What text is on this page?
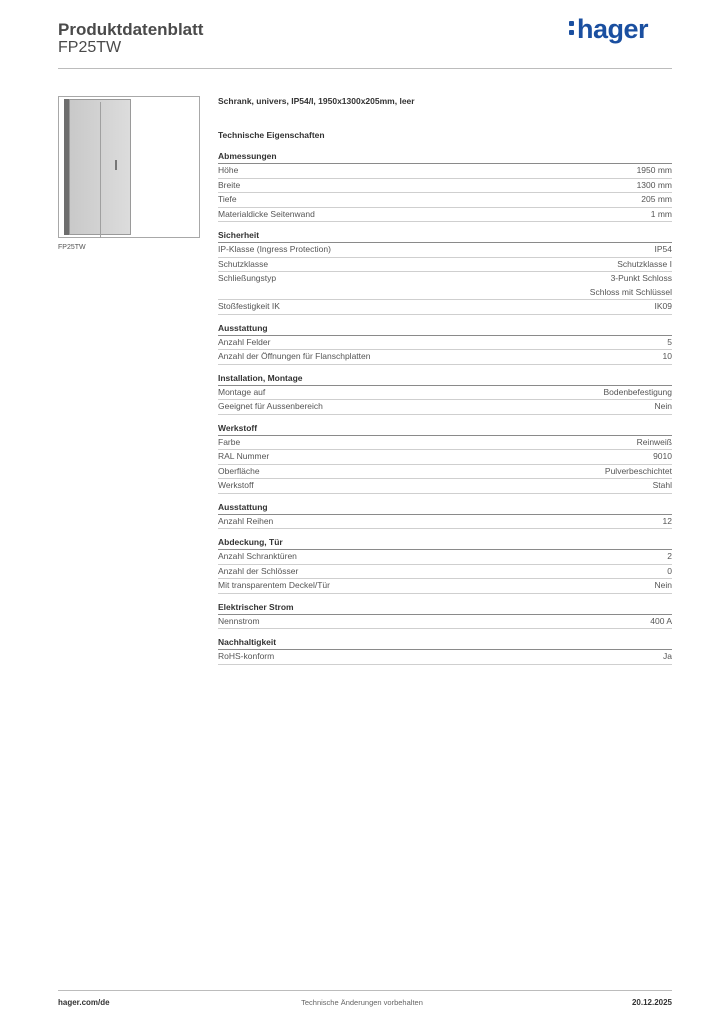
Produktdatenblatt
FP25TW
hager
FP25TW
Schrank, univers, IP54/I, 1950x1300x205mm, leer
Technische Eigenschaften
Abmessungen
Höhe	1950 mm
Breite	1300 mm
Tiefe	205 mm
Materialdicke Seitenwand	1 mm
Sicherheit
IP-Klasse (Ingress Protection)	IP54
Schutzklasse	Schutzklasse I
Schließungstyp	3-Punkt Schloss
Schloss mit Schlüssel
Stoßfestigkeit IK	IK09
Ausstattung
Anzahl Felder	5
Anzahl der Öffnungen für Flanschplatten	10
Installation, Montage
Montage auf	Bodenbefestigung
Geeignet für Aussenbereich	Nein
Werkstoff
Farbe	Reinweiß
RAL Nummer	9010
Oberfläche	Pulverbeschichtet
Werkstoff	Stahl
Ausstattung
Anzahl Reihen	12
Abdeckung, Tür
Anzahl Schranktüren	2
Anzahl der Schlösser	0
Mit transparentem Deckel/Tür	Nein
Elektrischer Strom
Nennstrom	400 A
Nachhaltigkeit
RoHS-konform	Ja
hager.com/de	Technische Änderungen vorbehalten	20.12.2025
